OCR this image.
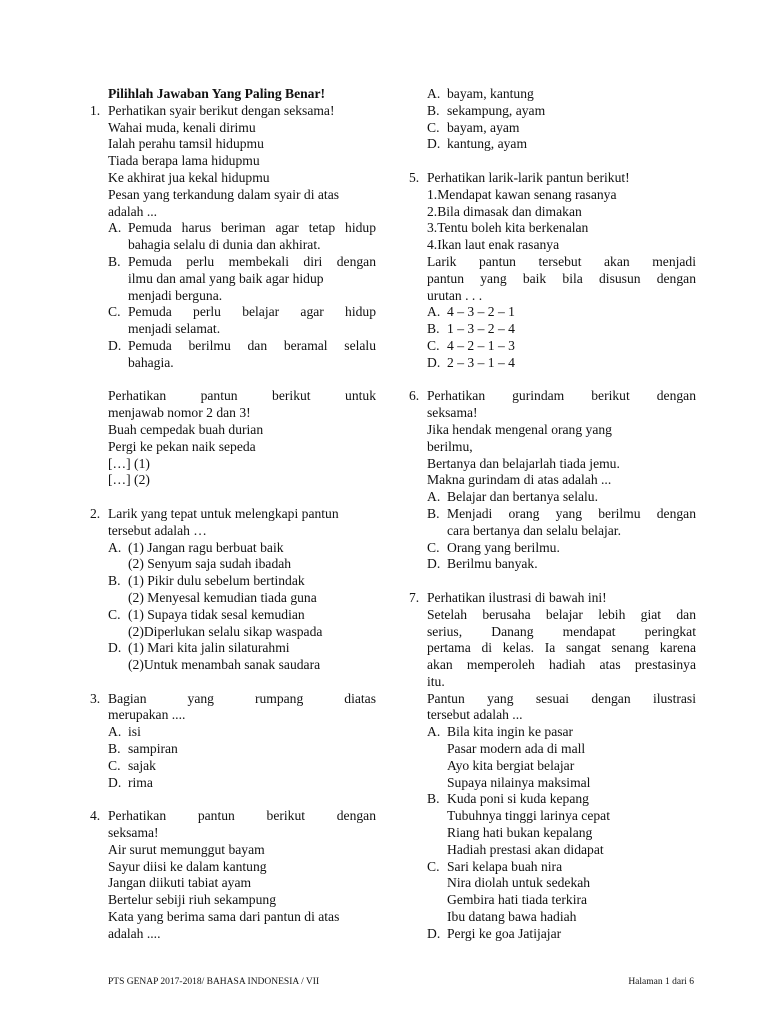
Pilihlah Jawaban Yang Paling Benar!
1. Perhatikan syair berikut dengan seksama!
Wahai muda, kenali dirimu
Ialah perahu tamsil hidupmu
Tiada berapa lama hidupmu
Ke akhirat jua kekal hidupmu
Pesan yang terkandung dalam syair di atas
adalah ...
A. Pemuda harus beriman agar tetap hidup
bahagia selalu di dunia dan akhirat.
B. Pemuda perlu membekali diri dengan
ilmu dan amal yang baik agar hidup
menjadi berguna.
C. Pemuda perlu belajar agar hidup
menjadi selamat.
D. Pemuda berilmu dan beramal selalu
bahagia.
Perhatikan pantun berikut untuk
menjawab nomor 2 dan 3!
Buah cempedak buah durian
Pergi ke pekan naik sepeda
[…] (1)
[…] (2)
2. Larik yang tepat untuk melengkapi pantun
tersebut adalah …
A. (1) Jangan ragu berbuat baik
(2) Senyum saja sudah ibadah
B. (1) Pikir dulu sebelum bertindak
(2) Menyesal kemudian tiada guna
C. (1) Supaya tidak sesal kemudian
(2)Diperlukan selalu sikap waspada
D. (1) Mari kita jalin silaturahmi
(2)Untuk menambah sanak saudara
3. Bagian yang rumpang diatas
merupakan ....
A. isi
B. sampiran
C. sajak
D. rima
4. Perhatikan pantun berikut dengan
seksama!
Air surut memunggut bayam
Sayur diisi ke dalam kantung
Jangan diikuti tabiat ayam
Bertelur sebiji riuh sekampung
Kata yang berima sama dari pantun di atas
adalah ....
A. bayam, kantung
B. sekampung, ayam
C. bayam, ayam
D. kantung, ayam
5. Perhatikan larik-larik pantun berikut!
1.Mendapat kawan senang rasanya
2.Bila dimasak dan dimakan
3.Tentu boleh kita berkenalan
4.Ikan laut enak rasanya
Larik pantun tersebut akan menjadi
pantun yang baik bila disusun dengan
urutan . . .
A. 4 – 3 – 2 – 1
B. 1 – 3 – 2 – 4
C. 4 – 2 – 1 – 3
D. 2 – 3 – 1 – 4
6. Perhatikan gurindam berikut dengan
seksama!
Jika hendak mengenal orang yang
berilmu,
Bertanya dan belajarlah tiada jemu.
Makna gurindam di atas adalah ...
A. Belajar dan bertanya selalu.
B. Menjadi orang yang berilmu dengan
cara bertanya dan selalu belajar.
C. Orang yang berilmu.
D. Berilmu banyak.
7. Perhatikan ilustrasi di bawah ini!
Setelah berusaha belajar lebih giat dan
serius, Danang mendapat peringkat
pertama di kelas. Ia sangat senang karena
akan memperoleh hadiah atas prestasinya
itu.
Pantun yang sesuai dengan ilustrasi
tersebut adalah ...
A. Bila kita ingin ke pasar
Pasar modern ada di mall
Ayo kita bergiat belajar
Supaya nilainya maksimal
B. Kuda poni si kuda kepang
Tubuhnya tinggi larinya cepat
Riang hati bukan kepalang
Hadiah prestasi akan didapat
C. Sari kelapa buah nira
Nira diolah untuk sedekah
Gembira hati tiada terkira
Ibu datang bawa hadiah
D. Pergi ke goa Jatijajar
PTS GENAP 2017-2018/ BAHASA INDONESIA / VII	Halaman 1 dari 6
